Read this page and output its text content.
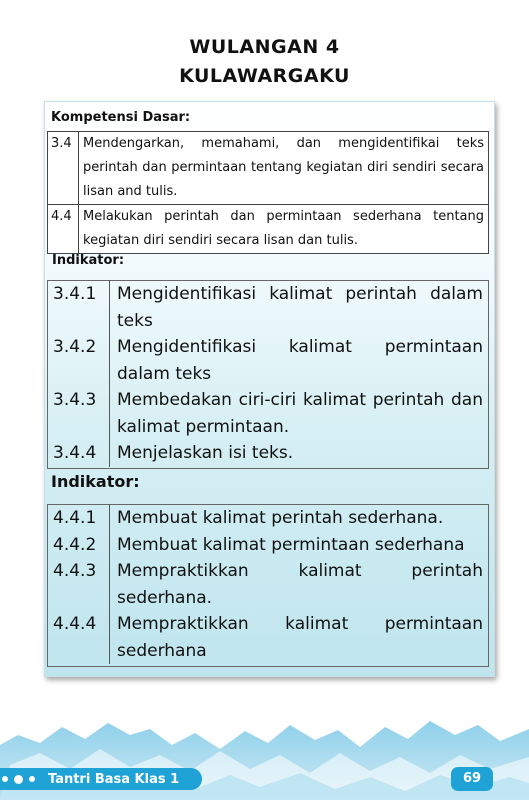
WULANGAN 4
KULAWARGAKU
Kompetensi Dasar:
3.4	Mendengarkan, memahami, dan mengidentifikai teks perintah dan permintaan tentang kegiatan diri sendiri secara lisan and tulis.
4.4	Melakukan perintah dan permintaan sederhana tentang kegiatan diri sendiri secara lisan dan tulis.
Indikator:
3.4.1	Mengidentifikasi kalimat perintah dalam teks
3.4.2	Mengidentifikasi kalimat permintaan dalam teks
3.4.3	Membedakan ciri-ciri kalimat perintah dan kalimat permintaan.
3.4.4	Menjelaskan isi teks.
Indikator:
4.4.1	Membuat kalimat perintah sederhana.
4.4.2	Membuat kalimat permintaan sederhana
4.4.3	Mempraktikkan kalimat perintah sederhana.
4.4.4	Mempraktikkan kalimat permintaan sederhana
Tantri Basa Klas 1	69
